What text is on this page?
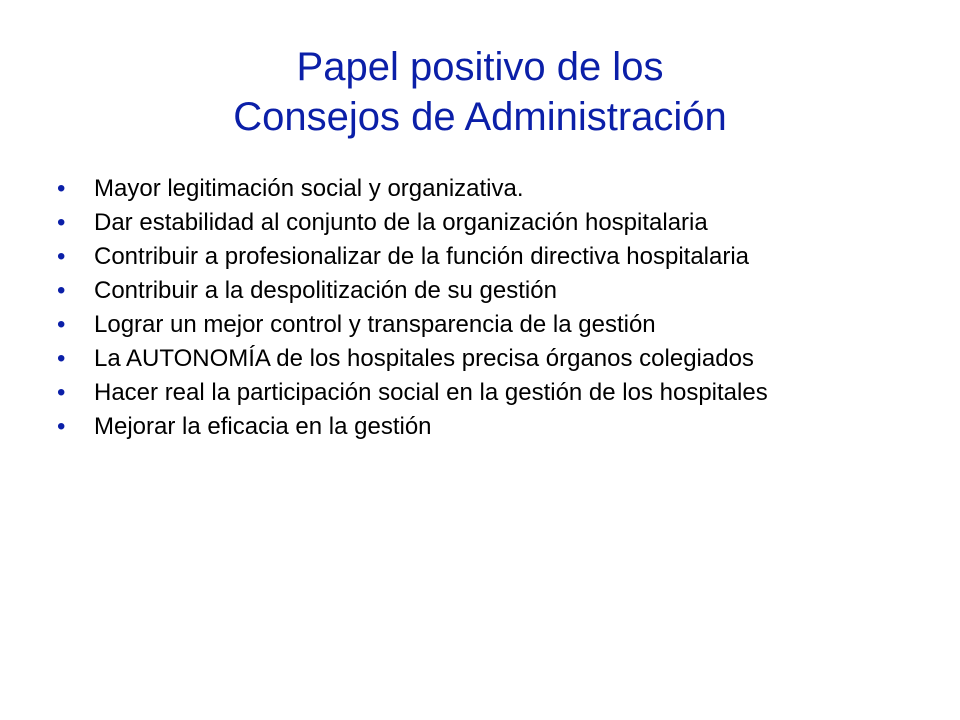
Papel positivo de los
Consejos de Administración
• Mayor legitimación social y organizativa.
• Dar estabilidad al conjunto de la organización hospitalaria
• Contribuir a profesionalizar de la función directiva hospitalaria
• Contribuir a la despolitización de su gestión
• Lograr un mejor control y transparencia de la gestión
• La AUTONOMÍA de los hospitales precisa órganos colegiados
• Hacer real la participación social en la gestión de los hospitales
• Mejorar la eficacia en la gestión
